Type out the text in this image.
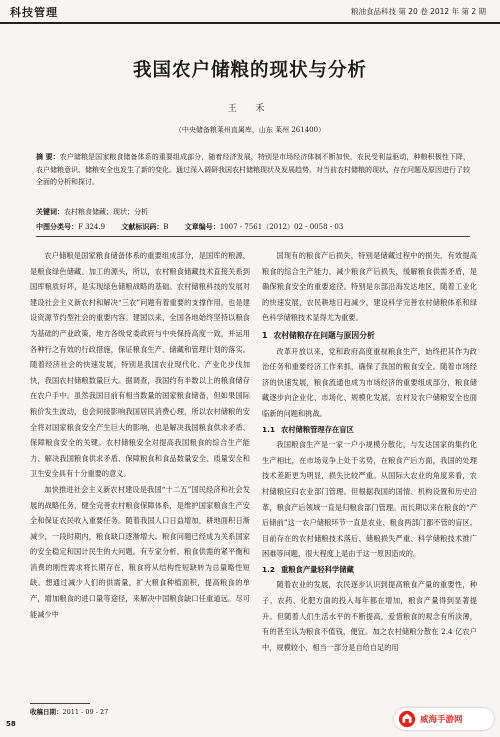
科技管理	粮油食品科技 第 20 卷 2012 年 第 2 期
我国农户储粮的现状与分析
王 禾
（中央储备粮莱州直属库，山东 莱州 261400）
摘 要：农户储粮是国家粮食储备体系的重要组成部分，随着经济发展，特别是市场经济体制不断加快，农民受利益驱动，种粮积极性下降，农户储粮意识、储粮安全也发生了新的变化。通过深入调研我国农村储粮现状及发展趋势，对当前农村储粮的现状、存在问题及原因进行了较全面的分析和探讨。
关键词：农村粮食储藏；现状；分析
中图分类号：F 324.9 文献标识码：B 文章编号：1007 - 7561（2012）02 - 0058 - 03

农户储粮是国家粮食储备体系的重要组成部分，是国库的粮源，是粮食绿色储藏、加工的源头，所以，农村粮食储藏技术直接关系到国库粮质好坏，是实现绿色储粮战略的基础。农村储粮科技的发展对建设社会主义新农村和解决“三农”问题有着重要的支撑作用，也是建设资源节约型社会的重要内容。建国以来，全国各地始终坚持以粮食为基础的产业政策，地方各级党委政府与中央保持高度一致，并运用各种行之有效的行政措施，保证粮食生产、储藏和管理计划的落实。随着经济社会的快速发展，特别是我国农业现代化、产业化步伐加快，我国农村储粮数量巨大。据调查，我国约有半数以上的粮食储存在农户手中。虽然我国目前有相当数量的国家粮食储备，但如果国际粮价发生波动，也会间接影响我国居民消费心理，所以农村储粮的安全将对国家粮食安全产生巨大的影响，也是解决我国粮食供求矛盾、保障粮食安全的关键。农村储粮安全对提高我国粮食的综合生产能力、解决我国粮食供求矛盾、保障粮食和食品数量安全、质量安全和卫生安全具有十分重要的意义。

加快推进社会主义新农村建设是我国“十二五”国民经济和社会发展的战略任务，健全完善农村粮食保障体系，是维护国家粮食生产安全和保证农民收入重要任务。随着我国人口日益增加，耕地面积日渐减少，一段时期内，粮食缺口逐渐增大。粮食问题已经成为关系国家的安全稳定和国计民生的大问题。有专家分析，粮食供需的紧平衡和消费的刚性需求将长期存在，粮食将从结构性短缺转为总量略性短缺。想通过减少人们的供需量，扩大粮食种植面积，提高粮食的单产，增加粮食的进口量等途径，来解决中国粮食缺口任重道远。尽可能减少中

国现有的粮食产后损失，特别是储藏过程中的损失，有效提高粮食的综合生产能力，减少粮食产后损失，缓解粮食供需矛盾，是确保粮食安全的重要途径。特别是东部沿海发达地区，随着工业化的快速发展，农民耕地日趋减少，建设科学完善农村储粮体系和绿色科学储粮技术显得尤为重要。

1 农村储粮存在问题与原因分析

改革开放以来，党和政府高度重视粮食生产，始终把其作为政治任务和重要经济工作来抓，确保了我国的粮食安全。随着市场经济的快速发展，粮食流通也成为市场经济的重要组成部分，粮食储藏逐步向企业化、市场化、规模化发展，农村及农户储粮安全也面临新的问题和挑战。

1.1 农村储粮管理存在盲区

我国粮食生产是一家一户小规模分散化，与发达国家的集约化生产相比，在市场竞争上处于劣势，在粮食产后方面，我国的处理技术差距更为明显，损失比较严重。从国际大农业的角度来看，农村储粮应归农业部门管理。但根据我国的国情、机构设置和历史沿革，粮食产后领域一直是归粮食部门管理。而长期以来在粮食的“产后储前”这一农户储粮环节一直是农业、粮食两部门都不管的盲区。目前存在的农村储粮技术落后、储粮损失严重、科学储粮技术推广困难等问题，很大程度上是由于这一原因造成的。

1.2 重粮食产量轻科学储藏

随着农业的发展，农民逐步认识到提高粮食产量的重要性，种子、农药、化肥方面的投入每年都在增加，粮食产量得到显著提升。但随着人们生活水平的不断提高，爱惜粮食的观念有所淡薄，有的甚至认为粮食不值钱，便宜。加之农村储粮分散在 2.4 亿农户中，规模较小，相当一部分是自给自足的用

收稿日期：2011 - 09 - 27
58	威海手游网
